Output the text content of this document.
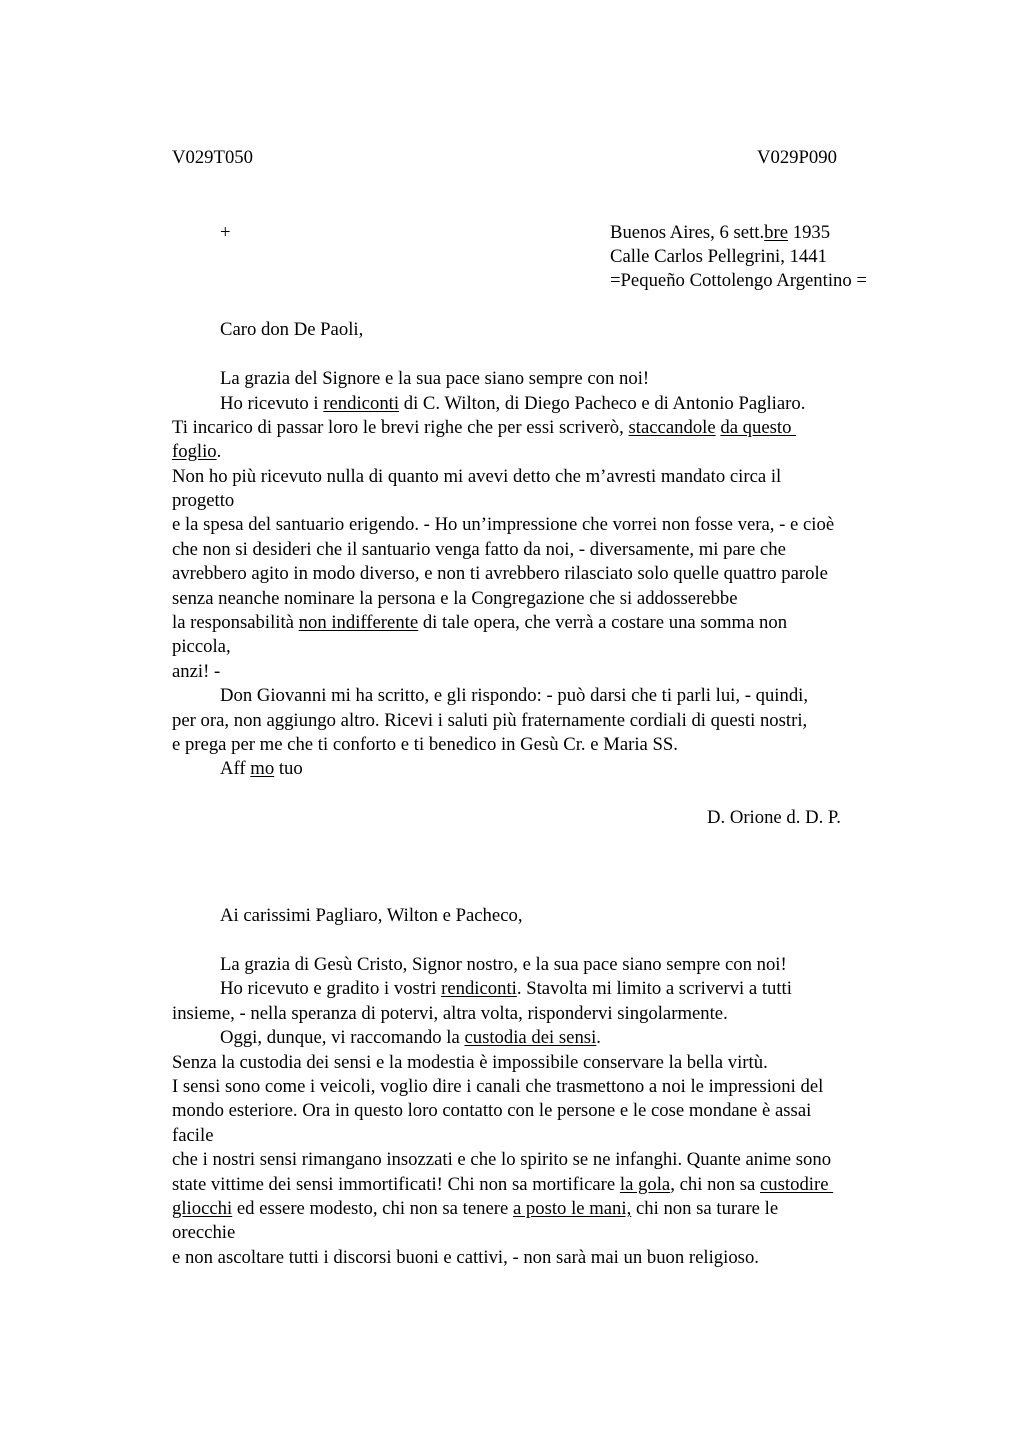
V029T050	V029P090
+	Buenos Aires, 6 sett.bre 1935
Calle Carlos Pellegrini, 1441
=Pequeño Cottolengo Argentino =
Caro don De Paoli,
La grazia del Signore e la sua pace siano sempre con noi!
Ho ricevuto i rendiconti di C. Wilton, di Diego Pacheco e di Antonio Pagliaro.
Ti incarico di passar loro le brevi righe che per essi scriverò, staccandole da questo
foglio.
Non ho più ricevuto nulla di quanto mi avevi detto che m’avresti mandato circa il
progetto
e la spesa del santuario erigendo. - Ho un’impressione che vorrei non fosse vera, - e cioè
che non si desideri che il santuario venga fatto da noi, - diversamente, mi pare che
avrebbero agito in modo diverso, e non ti avrebbero rilasciato solo quelle quattro parole
senza neanche nominare la persona e la Congregazione che si addosserebbe
la responsabilità non indifferente di tale opera, che verrà a costare una somma non
piccola,
anzi! -
Don Giovanni mi ha scritto, e gli rispondo: - può darsi che ti parli lui, - quindi,
per ora, non aggiungo altro. Ricevi i saluti più fraternamente cordiali di questi nostri,
e prega per me che ti conforto e ti benedico in Gesù Cr. e Maria SS.
Aff mo tuo
D. Orione d. D. P.
Ai carissimi Pagliaro, Wilton e Pacheco,
La grazia di Gesù Cristo, Signor nostro, e la sua pace siano sempre con noi!
Ho ricevuto e gradito i vostri rendiconti. Stavolta mi limito a scrivervi a tutti
insieme, - nella speranza di potervi, altra volta, rispondervi singolarmente.
Oggi, dunque, vi raccomando la custodia dei sensi.
Senza la custodia dei sensi e la modestia è impossibile conservare la bella virtù.
I sensi sono come i veicoli, voglio dire i canali che trasmettono a noi le impressioni del
mondo esteriore. Ora in questo loro contatto con le persone e le cose mondane è assai
facile
che i nostri sensi rimangano insozzati e che lo spirito se ne infanghi. Quante anime sono
state vittime dei sensi immortificati! Chi non sa mortificare la gola, chi non sa custodire
gliocchi ed essere modesto, chi non sa tenere a posto le mani, chi non sa turare le
orecchie
e non ascoltare tutti i discorsi buoni e cattivi, - non sarà mai un buon religioso.
